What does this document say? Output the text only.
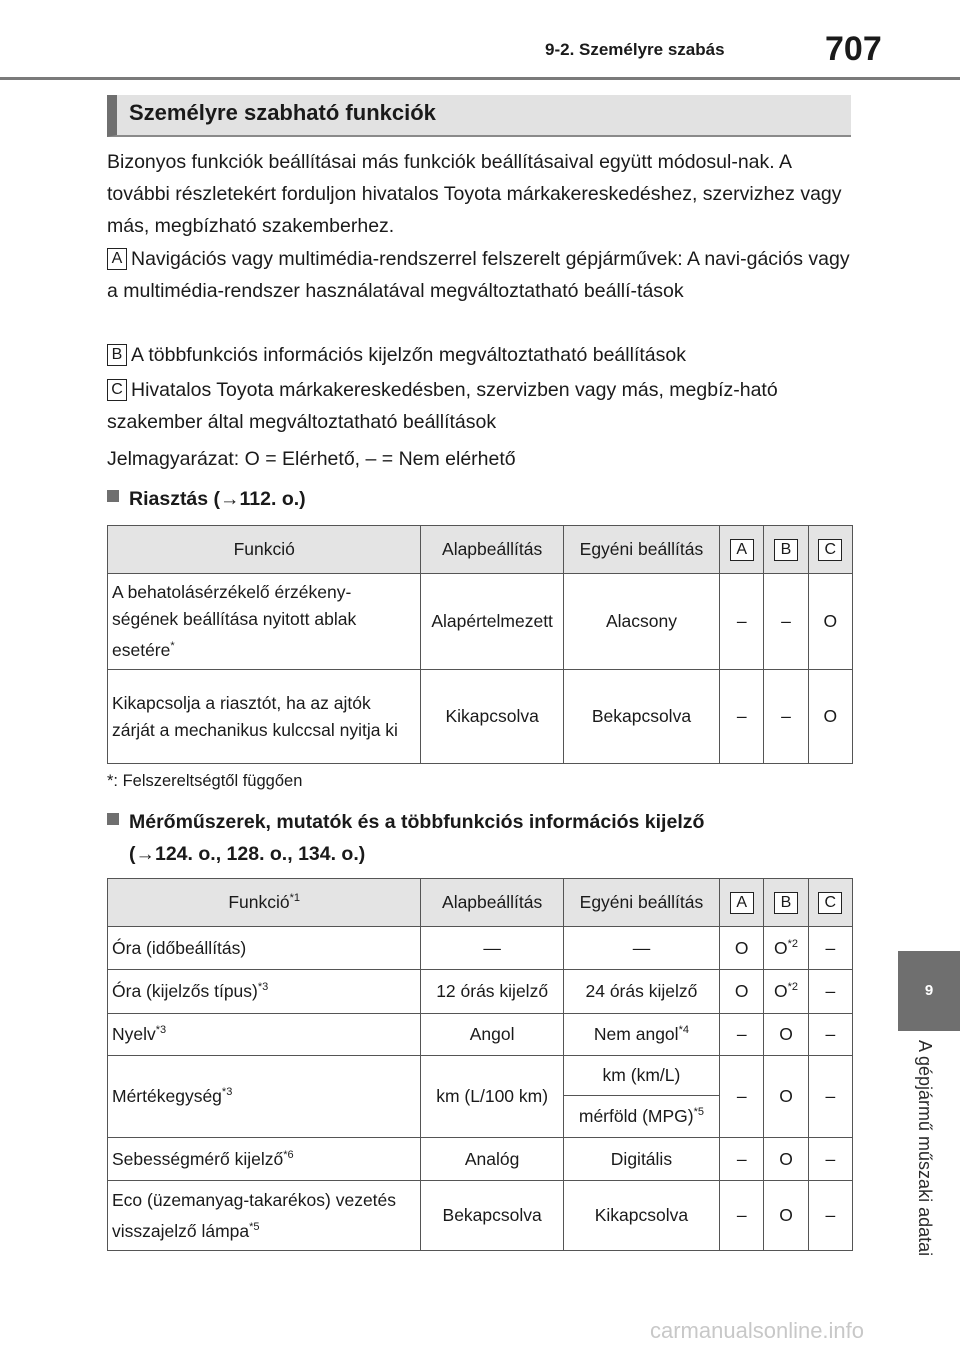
9-2. Személyre szabás	707
Személyre szabható funkciók
Bizonyos funkciók beállításai más funkciók beállításaival együtt módosul-nak. A további részletekért forduljon hivatalos Toyota márkakereskedéshez, szervizhez vagy más, megbízható szakemberhez.
A Navigációs vagy multimédia-rendszerrel felszerelt gépjárművek: A navi-gációs vagy a multimédia-rendszer használatával megváltoztatható beállí-tások
B A többfunkciós információs kijelzőn megváltoztatható beállítások
C Hivatalos Toyota márkakereskedésben, szervizben vagy más, megbíz-ható szakember által megváltoztatható beállítások
Jelmagyarázat: O = Elérhető, – = Nem elérhető
Riasztás (→112. o.)
Funkció	Alapbeállítás	Egyéni beállítás	A	B	C
A behatolásérzékelő érzékeny-ségének beállítása nyitott ablak esetére*	Alapértelmezett	Alacsony	–	–	O
Kikapcsolja a riasztót, ha az ajtók zárját a mechanikus kulccsal nyitja ki	Kikapcsolva	Bekapcsolva	–	–	O
*: Felszereltségtől függően
Mérőműszerek, mutatók és a többfunkciós információs kijelző
(→124. o., 128. o., 134. o.)
Funkció$^{*1}$	Alapbeállítás	Egyéni beállítás	A	B	C
Óra (időbeállítás)	—	—	O	$O^{*2}$	–
Óra (kijelzős típus)$^{*3}$	12 órás kijelző	24 órás kijelző	O	$O^{*2}$	–
Nyelv$^{*3}$	Angol	Nem angol$^{*4}$	–	O	–
Mértékegység$^{*3}$	km (L/100 km)	km (km/L)	–	O	–
		mérföld (MPG)$^{*5}$
Sebességmérő kijelző$^{*6}$	Analóg	Digitális	–	O	–
Eco (üzemanyag-takarékos) vezetés visszajelző lámpa$^{*5}$	Bekapcsolva	Kikapcsolva	–	O	–
9
A gépjármű műszaki adatai
carmanualsonline.info
